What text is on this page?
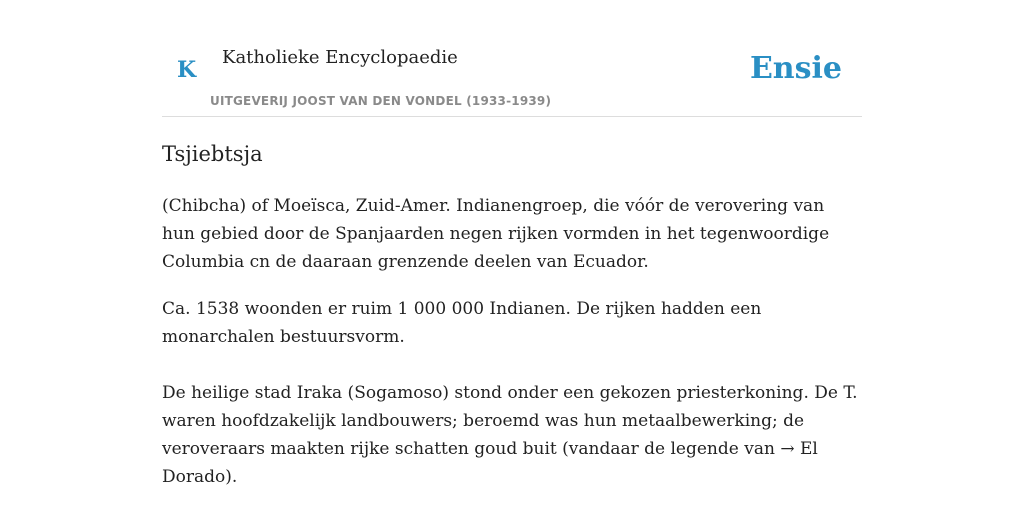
K Katholieke Encyclopaedie
UITGEVERIJ JOOST VAN DEN VONDEL (1933-1939)
Ensie
Tsjiebtsja

(Chibcha) of Moeïsca, Zuid-Amer. Indianengroep, die vóór de verovering van hun gebied door de Spanjaarden negen rijken vormden in het tegenwoordige Columbia cn de daaraan grenzende deelen van Ecuador.

Ca. 1538 woonden er ruim 1 000 000 Indianen. De rijken hadden een monarchalen bestuursvorm.

De heilige stad Iraka (Sogamoso) stond onder een gekozen priesterkoning. De T. waren hoofdzakelijk landbouwers; beroemd was hun metaalbewerking; de veroveraars maakten rijke schatten goud buit (vandaar de legende van → El Dorado).
